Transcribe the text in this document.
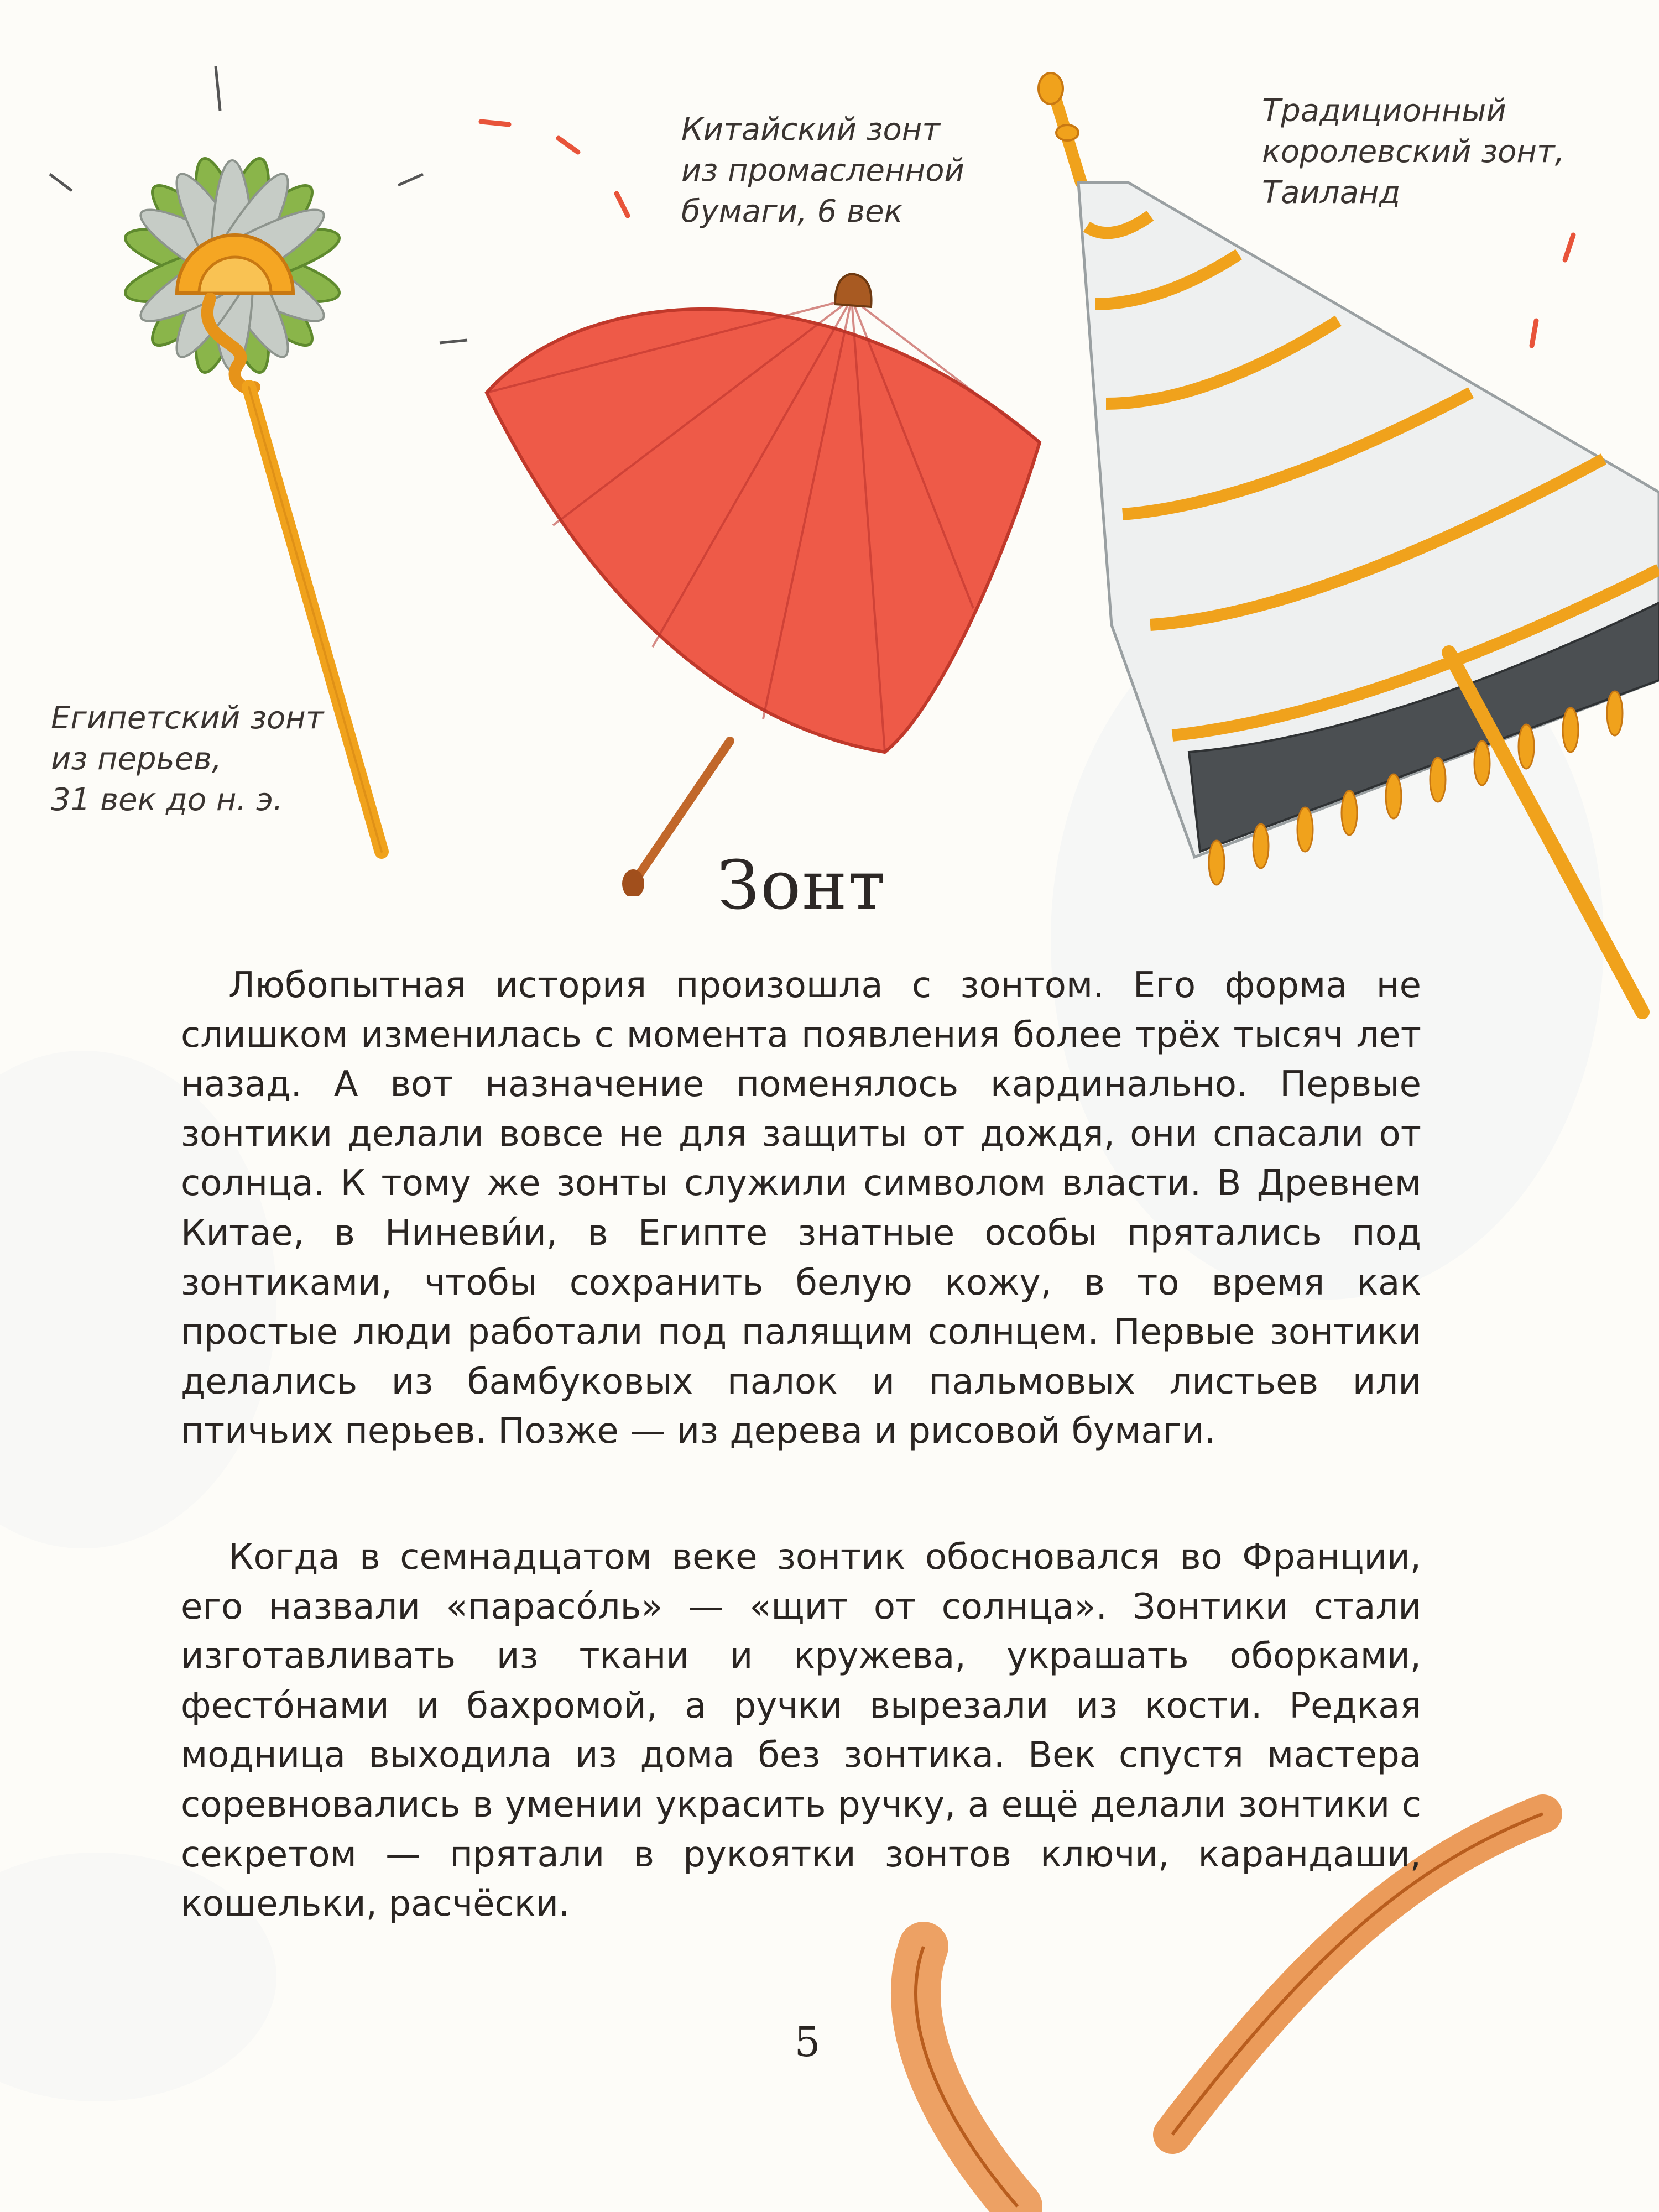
Египетский зонт
из перьев,
31 век до н. э.
Китайский зонт
из промасленной
бумаги, 6 век
Традиционный
королевский зонт,
Таиланд
Зонт

Любопытная история произошла с зонтом. Его форма не слишком изменилась с момента появления более трёх тысяч лет назад. А вот назначение поменялось кардинально. Первые зонтики делали вовсе не для защиты от дождя, они спасали от солнца. К тому же зонты служили символом власти. В Древнем Китае, в Ниневи́и, в Египте знатные особы прятались под зонтиками, чтобы сохранить белую кожу, в то время как простые люди работали под палящим солнцем. Первые зонтики делались из бамбуковых палок и пальмовых листьев или птичьих перьев. Позже — из дерева и рисовой бумаги.

Когда в семнадцатом веке зонтик обосновался во Франции, его назвали «парасо́ль» — «щит от солнца». Зонтики стали изготавливать из ткани и кружева, украшать оборками, фесто́нами и бахромой, а ручки вырезали из кости. Редкая модница выходила из дома без зонтика. Век спустя мастера соревновались в умении украсить ручку, а ещё делали зонтики с секретом — прятали в рукоятки зонтов ключи, карандаши, кошельки, расчёски.

5
